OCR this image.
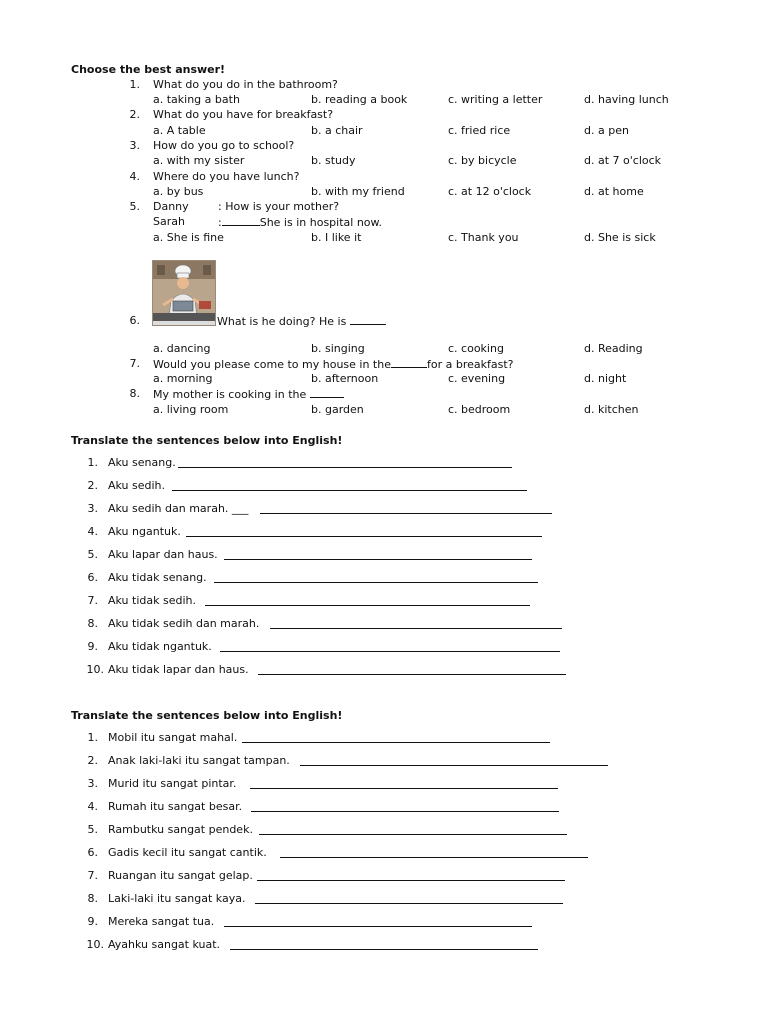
Choose the best answer!
1. What do you do in the bathroom?
a. taking a bath	b. reading a book	c. writing a letter	d. having lunch
2. What do you have for breakfast?
a. A table	b. a chair	c. fried rice	d. a pen
3. How do you go to school?
a. with my sister	b. study	c. by bicycle	d. at 7 o'clock
4. Where do you have lunch?
a. by bus	b. with my friend	c. at 12 o'clock	d. at home
5. Danny	: How is your mother?
Sarah	:	She is in hospital now.
a. She is fine	b. I like it	c. Thank you	d. She is sick
6.	What is he doing? He is
a. dancing	b. singing	c. cooking	d. Reading
7. Would you please come to my house in the	for a breakfast?
a. morning	b. afternoon	c. evening	d. night
8. My mother is cooking in the
a. living room	b. garden	c. bedroom	d. kitchen
Translate the sentences below into English!
1. Aku senang.
2. Aku sedih.
3. Aku sedih dan marah. ___
4. Aku ngantuk.
5. Aku lapar dan haus.
6. Aku tidak senang.
7. Aku tidak sedih.
8. Aku tidak sedih dan marah.
9. Aku tidak ngantuk.
10. Aku tidak lapar dan haus.
Translate the sentences below into English!
1. Mobil itu sangat mahal.
2. Anak laki-laki itu sangat tampan.
3. Murid itu sangat pintar.
4. Rumah itu sangat besar.
5. Rambutku sangat pendek.
6. Gadis kecil itu sangat cantik.
7. Ruangan itu sangat gelap.
8. Laki-laki itu sangat kaya.
9. Mereka sangat tua.
10. Ayahku sangat kuat.
